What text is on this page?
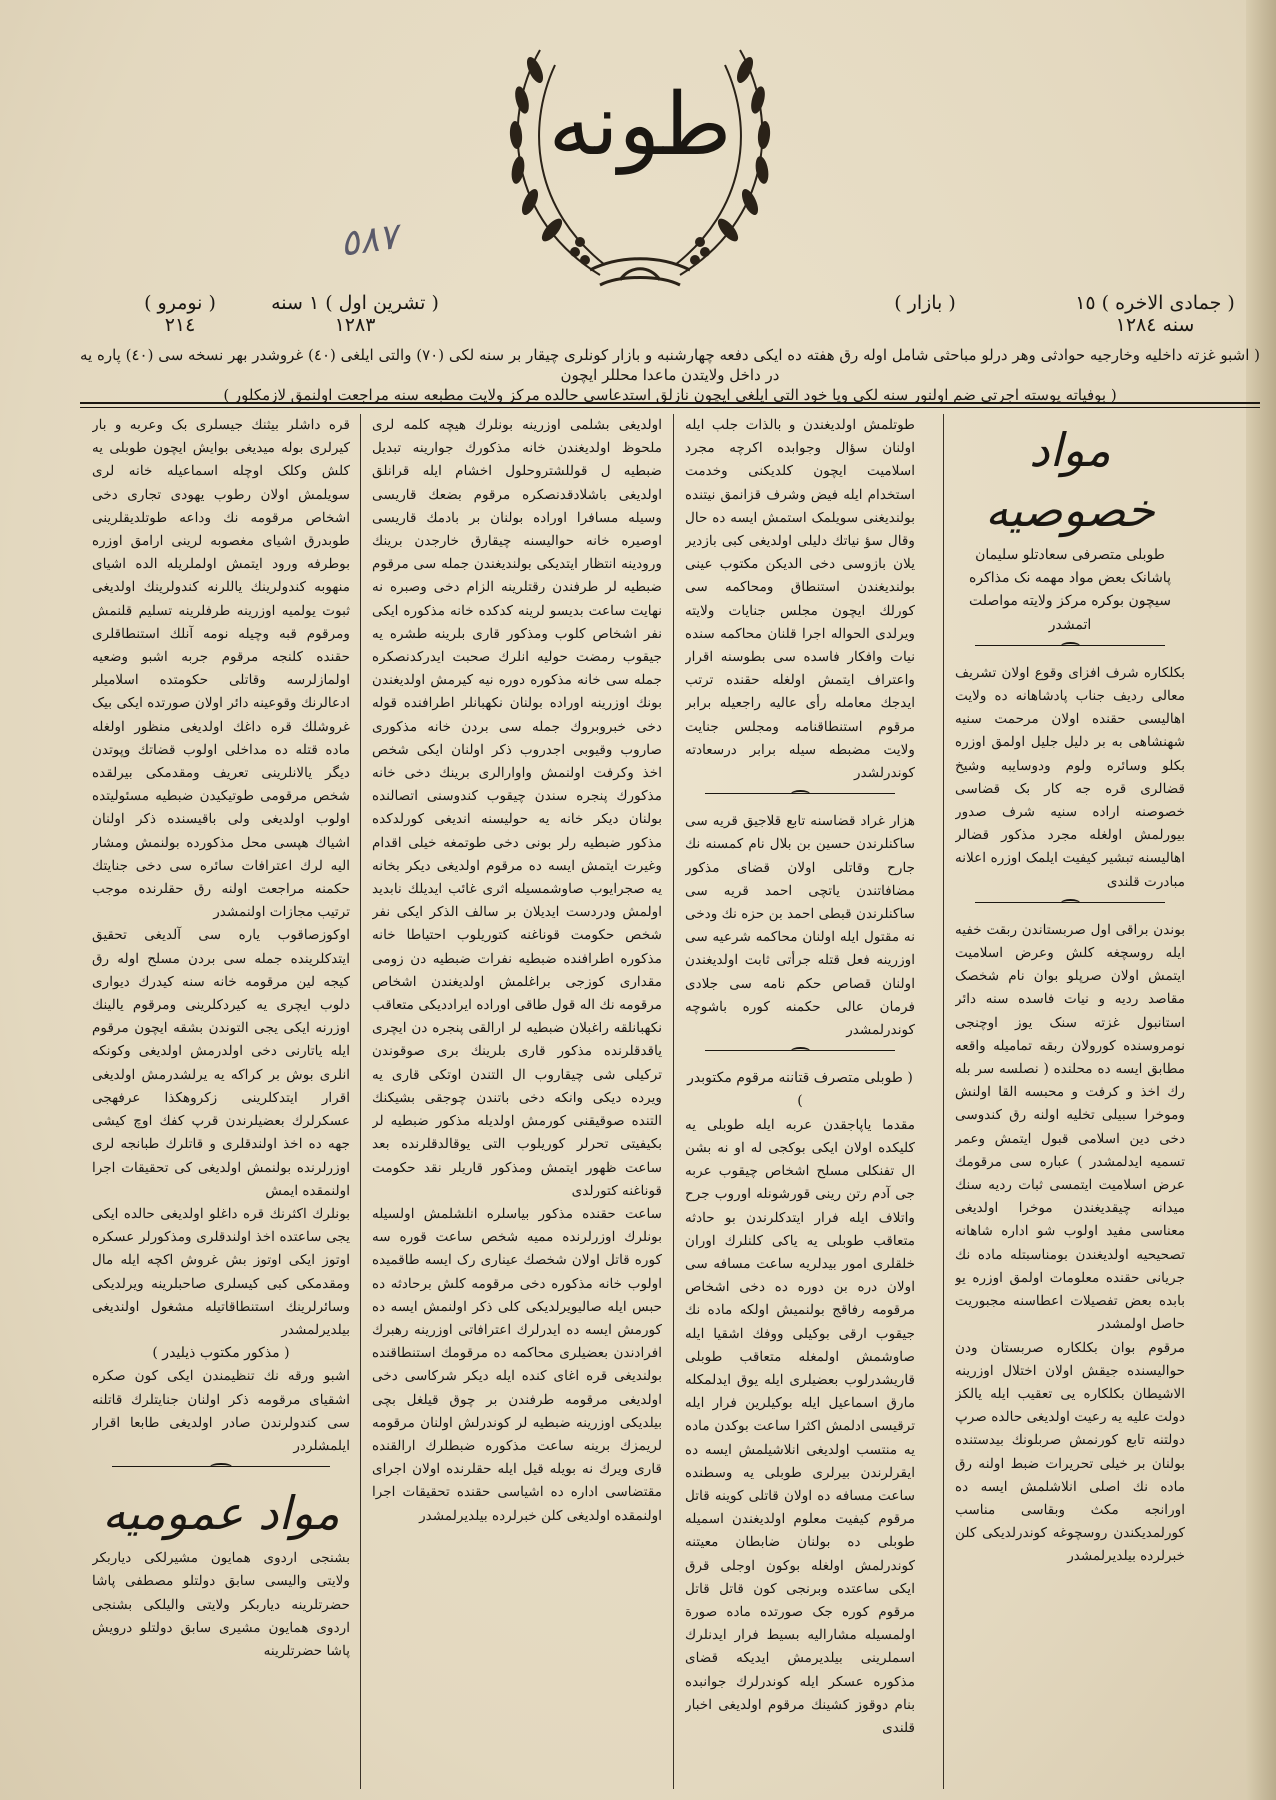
طونه
٥٨٧
( جمادی الاخره ) ١٥ سنه ١٢٨٤
( بازار )
( تشرین اول ) ١ سنه ١٢٨٣
( نومرو ) ٢١٤
( اشبو غزته داخلیه وخارجیه حوادثی وهر درلو مباحثی شامل اوله رق هفته ده ایکی دفعه چهارشنبه و بازار کونلری چیقار بر سنه لکی (٧٠) والتی ایلغی (٤٠) غروشدر بهر نسخه سی (٤٠) پاره یه در داخل ولایتدن ماعدا محللر ایچون
( بوفیاته پوسته اجرتی ضم اولنور سنه لکی ویا خود التی ایلغی ایچون نازلق استدعاسی حالده مرکز ولایت مطبعه سنه مراجعت اولنمق لازمکلور )
مواد خصوصیه

طوبلی متصرفی سعادتلو سلیمان پاشانک بعض مواد مهمه نک مذاکره سیچون بوکره مرکز ولایته مواصلت اتمشدر

بکلکاره شرف افزای وقوع اولان تشریف معالی ردیف جناب پادشاهانه ده ولایت اهالیسی حقنده اولان مرحمت سنیه شهنشاهی به بر دلیل جلیل اولمق اوزره بکلو وسائره ولوم ودوسایبه وشیخ قضالری قره جه کار بک قضاسی خصوصنه اراده سنیه شرف صدور بیورلمش اولغله مجرد مذکور قضالر اهالیسنه تبشیر کیفیت ایلمک اوزره اعلانه مبادرت قلندی

بوندن براقی اول صربستاندن ربقت خفیه ایله روسچغه کلش وعرض اسلامیت ایتمش اولان صرپلو بوان نام شخصک مقاصد ردیه و نیات فاسده سنه دائر استانبول غزته سنک یوز اوچنجی نومروسنده کورولان ربقه تمامیله واقعه مطابق ایسه ده محلنده ( نصلسه سر بله رك اخذ و کرفت و محبسه القا اولنش وموخرا سبیلی تخلیه اولنه رق کندوسی دخی دین اسلامی قبول ایتمش وعمر تسمیه ایدلمشدر ) عباره سی مرقومك عرض اسلامیت ایتمسی ثبات ردیه سنك میدانه چیقدیغندن موخرا اولدیغی معناسی مفید اولوب شو اداره شاهانه تصحیحیه اولدیغندن بومناسبتله ماده نك جریانی حقنده معلومات اولمق اوزره یو بابده بعض تفصیلات اعطاسنه مجبوریت حاصل اولمشدر

مرقوم بوان بکلکاره صربستان ودن حوالیسنده جیقش اولان اختلال اوزرینه الاشیطان بکلکاره یی تعقیب ایله یالکز دولت علیه یه رعیت اولدیغی حالده صرپ دولتنه تابع کورنمش صربلونك بیدستنده بولنان بر خیلی تحریرات ضبط اولنه رق ماده نك اصلی انلاشلمش ایسه ده اورانجه مکث وبقاسی مناسب کورلمدیکندن روسچوغه کوندرلدیکی کلن خبرلرده بیلدیرلمشدر

طوتلمش اولدیغندن و بالذات جلب ایله اولنان سؤال وجوابده اکرچه مجرد اسلامیت ایچون کلدیکنی وخدمت استخدام ایله فیض وشرف قزانمق نیتنده بولندیغنی سویلمک استمش ایسه ده حال وقال سؤ نیاتك دلیلی اولدیغی کبی بازدیر یلان بازوسی دخی الدیکن مکتوب عینی بولندیغندن استنطاق ومحاکمه سی کورلك ایچون مجلس جنایات ولایته ویرلدی الحواله اجرا قلنان محاکمه سنده نیات وافکار فاسده سی بطوسنه اقرار واعتراف ایتمش اولغله حقنده ترتب ایدجك معامله رأی عالیه راجعیله برابر مرقوم استنطاقنامه ومجلس جنایت ولایت مضبطه سیله برابر درسعادته کوندرلشدر

هزار غراد قضاسنه تابع قلاجیق قریه سی ساکنلرندن حسین بن بلال نام کمسنه نك جارح وقاتلی اولان قضای مذکور مضافاتندن یاتچی احمد قریه سی ساکنلرندن قبطی احمد بن حزه نك ودخی نه مقتول ایله اولنان محاکمه شرعیه سی اوزرینه فعل قتله جرأتی ثابت اولدیغندن اولنان قصاص حکم نامه سی جلادی فرمان عالی حکمنه کوره باشوچه کوندرلمشدر

( طوبلی متصرف قتاننه مرقوم مکتوبدر )

مقدما ياپاجقدن عربه ایله طوبلی یه کلیکده اولان ایکی بوکجی له او نه بشن ال تفنکلی مسلح اشخاص چیقوب عربه جی آدم رتن رینی قورشونله اوروب جرح واتلاف ایله فرار ایتدکلرندن بو حادثه متعاقب طوبلی یه یاکی کلنلرك اوران خلقلری امور بیدلریه ساعت مسافه سی اولان دره بن دوره ده دخی اشخاص مرقومه رفاقج بولنمیش اولکه ماده نك جیقوب ارقی بوکیلی ووفك اشقیا ایله صاوشمش اولمغله متعاقب طوبلی قاریشدرلوب بعضیلری ایله یوق ایدلمکله مارق اسماعیل ایله بوکیلرین فرار ایله ترقیسی ادلمش اکثرا ساعت بوکدن ماده یه منتسب اولدیغی انلاشیلمش ایسه ده ایقرلرندن بیرلری طوبلی یه وسطنده ساعت مسافه ده اولان قاتلی کوینه قاتل مرقوم کیفیت معلوم اولدیغندن اسمیله طوبلی ده بولنان ضابطان معیتنه کوندرلمش اولغله بوکون اوجلی قرق ایکی ساعتده وبرنجی کون قاتل قاتل مرقوم کوره جک صورتده ماده صورة اولمسیله مشارالیه بسیط فرار ایدنلرك اسملرینی بیلدیرمش ایدیكه قضای مذکوره عسکر ایله کوندرلرك جوانبده بنام دوقوز کشینك مرقوم اولدیغی اخبار قلندی

اولدیغی بشلمی اوزرینه بونلرك هیچه کلمه لری ملحوظ اولدیغندن خانه مذکورك جوارینه تبدیل ضبطیه ل قوللشتروحلول اخشام ایله قرانلق اولدیغی باشلادقدنصکره مرقوم بضعك قاریسی وسیله مسافرا اوراده بولنان بر بادمك قاریسی اوصیره خانه حوالیسنه چیقارق خارجدن برینك ورودینه انتظار ایتدیکی بولندیغندن جمله سی مرقوم ضبطیه لر طرفندن رقتلرینه الزام دخی وصبره نه نهایت ساعت بدیسو لرینه کدکده خانه مذکوره ایکی نفر اشخاص کلوب ومذکور قاری بلرینه طشره یه جیقوب رمضت حولیه انلرك صحبت ایدركدنصکره جمله سی خانه مذکوره دوره نیه کیرمش اولدیغندن بونك اوزرینه اوراده بولنان نکهبانلر اطرافنده قوله دخی خبروبروك جمله سی بردن خانه مذکوری صاروب وقیوبی اجدروب ذکر اولنان ایکی شخص اخذ وکرفت اولنمش واوارالری برینك دخی خانه مذکورك پنجره سندن چیقوب کندوسنی اتصالنده بولنان دیکر خانه یه حولیسنه اندیغی کورلدکده مذکور ضبطیه رلر بونی دخی طوتمغه خیلی اقدام وغیرت ایتمش ایسه ده مرقوم اولدیغی دیکر بخانه یه صجرایوب صاوشمسیله اثری غائب ایدیلك نابدید اولمش ودردست ایدیلان بر سالف الذکر ایکی نفر شخص حکومت قوناغنه کتوریلوب احتیاطا خانه مذکوره اطرافنده ضبطیه نفرات ضبطیه دن زومی مقداری کوزجی براغلمش اولدیغندن اشخاص مرقومه نك اله قول طاقی اوراده ایراددیکی متعاقب نکهبانلقه راغبلان ضبطیه لر ارالقی پنجره دن ایچری یاقدقلرنده مذکور قاری بلرینك بری صوقوندن ترکیلی شی چیقاروب ال التندن اوتکی قاری یه ویرده دیکی وانکه دخی باتندن چوجقی بشیکنك التنده صوقیقنی کورمش اولدیله مذکور ضبطیه لر بکیفیتی تحرلر کوریلوب التی یوقالدقلرنده بعد ساعت ظهور ایتمش ومذکور قاریلر نقد حکومت قوناغنه کتورلدی

ساعت حقنده مذکور بیاسلره انلشلمش اولسیله بونلرك اوزرلرنده ممیه شخص ساعت قوره سه کوره قاتل اولان شخصك عیناری رک ایسه طاقمیده اولوب خانه مذکوره دخی مرقومه کلش برحادثه ده حبس ایله صالیویرلدیکی کلی ذکر اولنمش ایسه ده کورمش ایسه ده ایدرلرك اعترافاتی اوزرینه رهبرك افرادندن بعضیلری محاکمه ده مرقومك استنطاقنده بولندیغی قره اغای کنده ایله دیکر شرکاسی دخی اولدیغی مرقومه طرفندن بر چوق قیلغل بچی بیلدیکی اوزرینه ضبطیه لر کوندرلش اولنان مرقومه لریمزك برینه ساعت مذکوره ضبطلرك ارالقنده قاری ویرك نه بویله قیل ایله حقلرنده اولان اجرای مقتضاسی اداره ده اشیاسی حقنده تحقیقات اجرا اولنمقده اولدیغی کلن خبرلرده بیلدیرلمشدر

قره داشلر بیثنك جیسلری بک وعربه و بار کیرلری بوله میدیغی بوایش ایچون طوبلی یه کلش وکلک اوچله اسماعیله خانه لری سویلمش اولان رطوب یهودی تجاری دخی اشخاص مرقومه نك وداعه طوتلدیقلرینی طوبدرق اشیای مغصوبه لرینی ارامق اوزره بوطرفه ورود ایتمش اولملریله الده اشیای منهوبه کندولرینك یاللرنه کندولرینك اولدیغی ثبوت یولمیه اوزرینه طرفلرینه تسلیم قلنمش ومرقوم قبه وچیله نومه آنلك استنطاقلری حقنده کلنجه مرقوم جربه اشبو وضعیه اولمازلرسه وقاتلی حکومتده اسلامیلر ادعالرنك وقوعینه دائر اولان صورتده ایکی بیک غروشلك قره داغك اولدیغی منظور اولغله ماده قتله ده مداخلی اولوب قضاتك وپوتدن دیگر یالانلرینی تعریف ومقدمکی بیرلقده شخص مرقومی طوتیکیدن ضبطیه مسئولیتده اولوب اولدیغی ولی باقیسنده ذکر اولنان اشیاك هپسی محل مذکورده بولنمش ومشار الیه لرك اعترافات سائره سی دخی جنایتك حکمنه مراجعت اولنه رق حقلرنده موجب ترتیب مجازات اولنمشدر

اوکوزصاقوب یاره سی آلدیغی تحقیق ایتدکلرینده جمله سی بردن مسلح اوله رق کیجه لین مرقومه خانه سنه کیدرك دیواری دلوب ایچری یه کیردکلرینی ومرقوم یالینك اوزرنه ایکی یجی التوندن بشقه ایچون مرقوم ایله یاتارنی دخی اولدرمش اولدیغی وکونکه انلری بوش بر کراکه یه یرلشدرمش اولدیغی اقرار ایتدکلرینی زکروهکذا عرفهجی عسکرلرك بعضیلرندن قرپ کفك اوچ کیشی جهه ده اخذ اولندقلری و قاتلرك طبانجه لری اوزرلرنده بولنمش اولدیغی کی تحقیقات اجرا اولنمقده ایمش

بونلرك اکثرنك قره داغلو اولدیغی حالده ایکی یجی ساعتده اخذ اولندقلری ومذکورلر عسکره اوتوز ایکی اوتوز بش غروش اکچه ایله مال ومقدمکی کبی کیسلری صاحبلرینه ویرلدیکی وسائرلرینك استنطاقاتیله مشغول اولندیغی بیلدیرلمشدر

( مذکور مکتوب ذیلیدر )

اشبو ورقه نك تنظیمندن ایکی کون صکره اشقیای مرقومه ذکر اولنان جنایتلرك قاتلنه سی کندولرندن صادر اولدیغی طابعا اقرار ایلمشلردر

مواد عمومیه

بشنجی اردوی همایون مشیرلکی دیاربکر ولایتی والیسی سابق دولتلو مصطفی پاشا حضرتلرینه دیاربکر ولایتی والیلکی بشنجی اردوی همایون مشیری سابق دولتلو درویش پاشا حضرتلرینه
